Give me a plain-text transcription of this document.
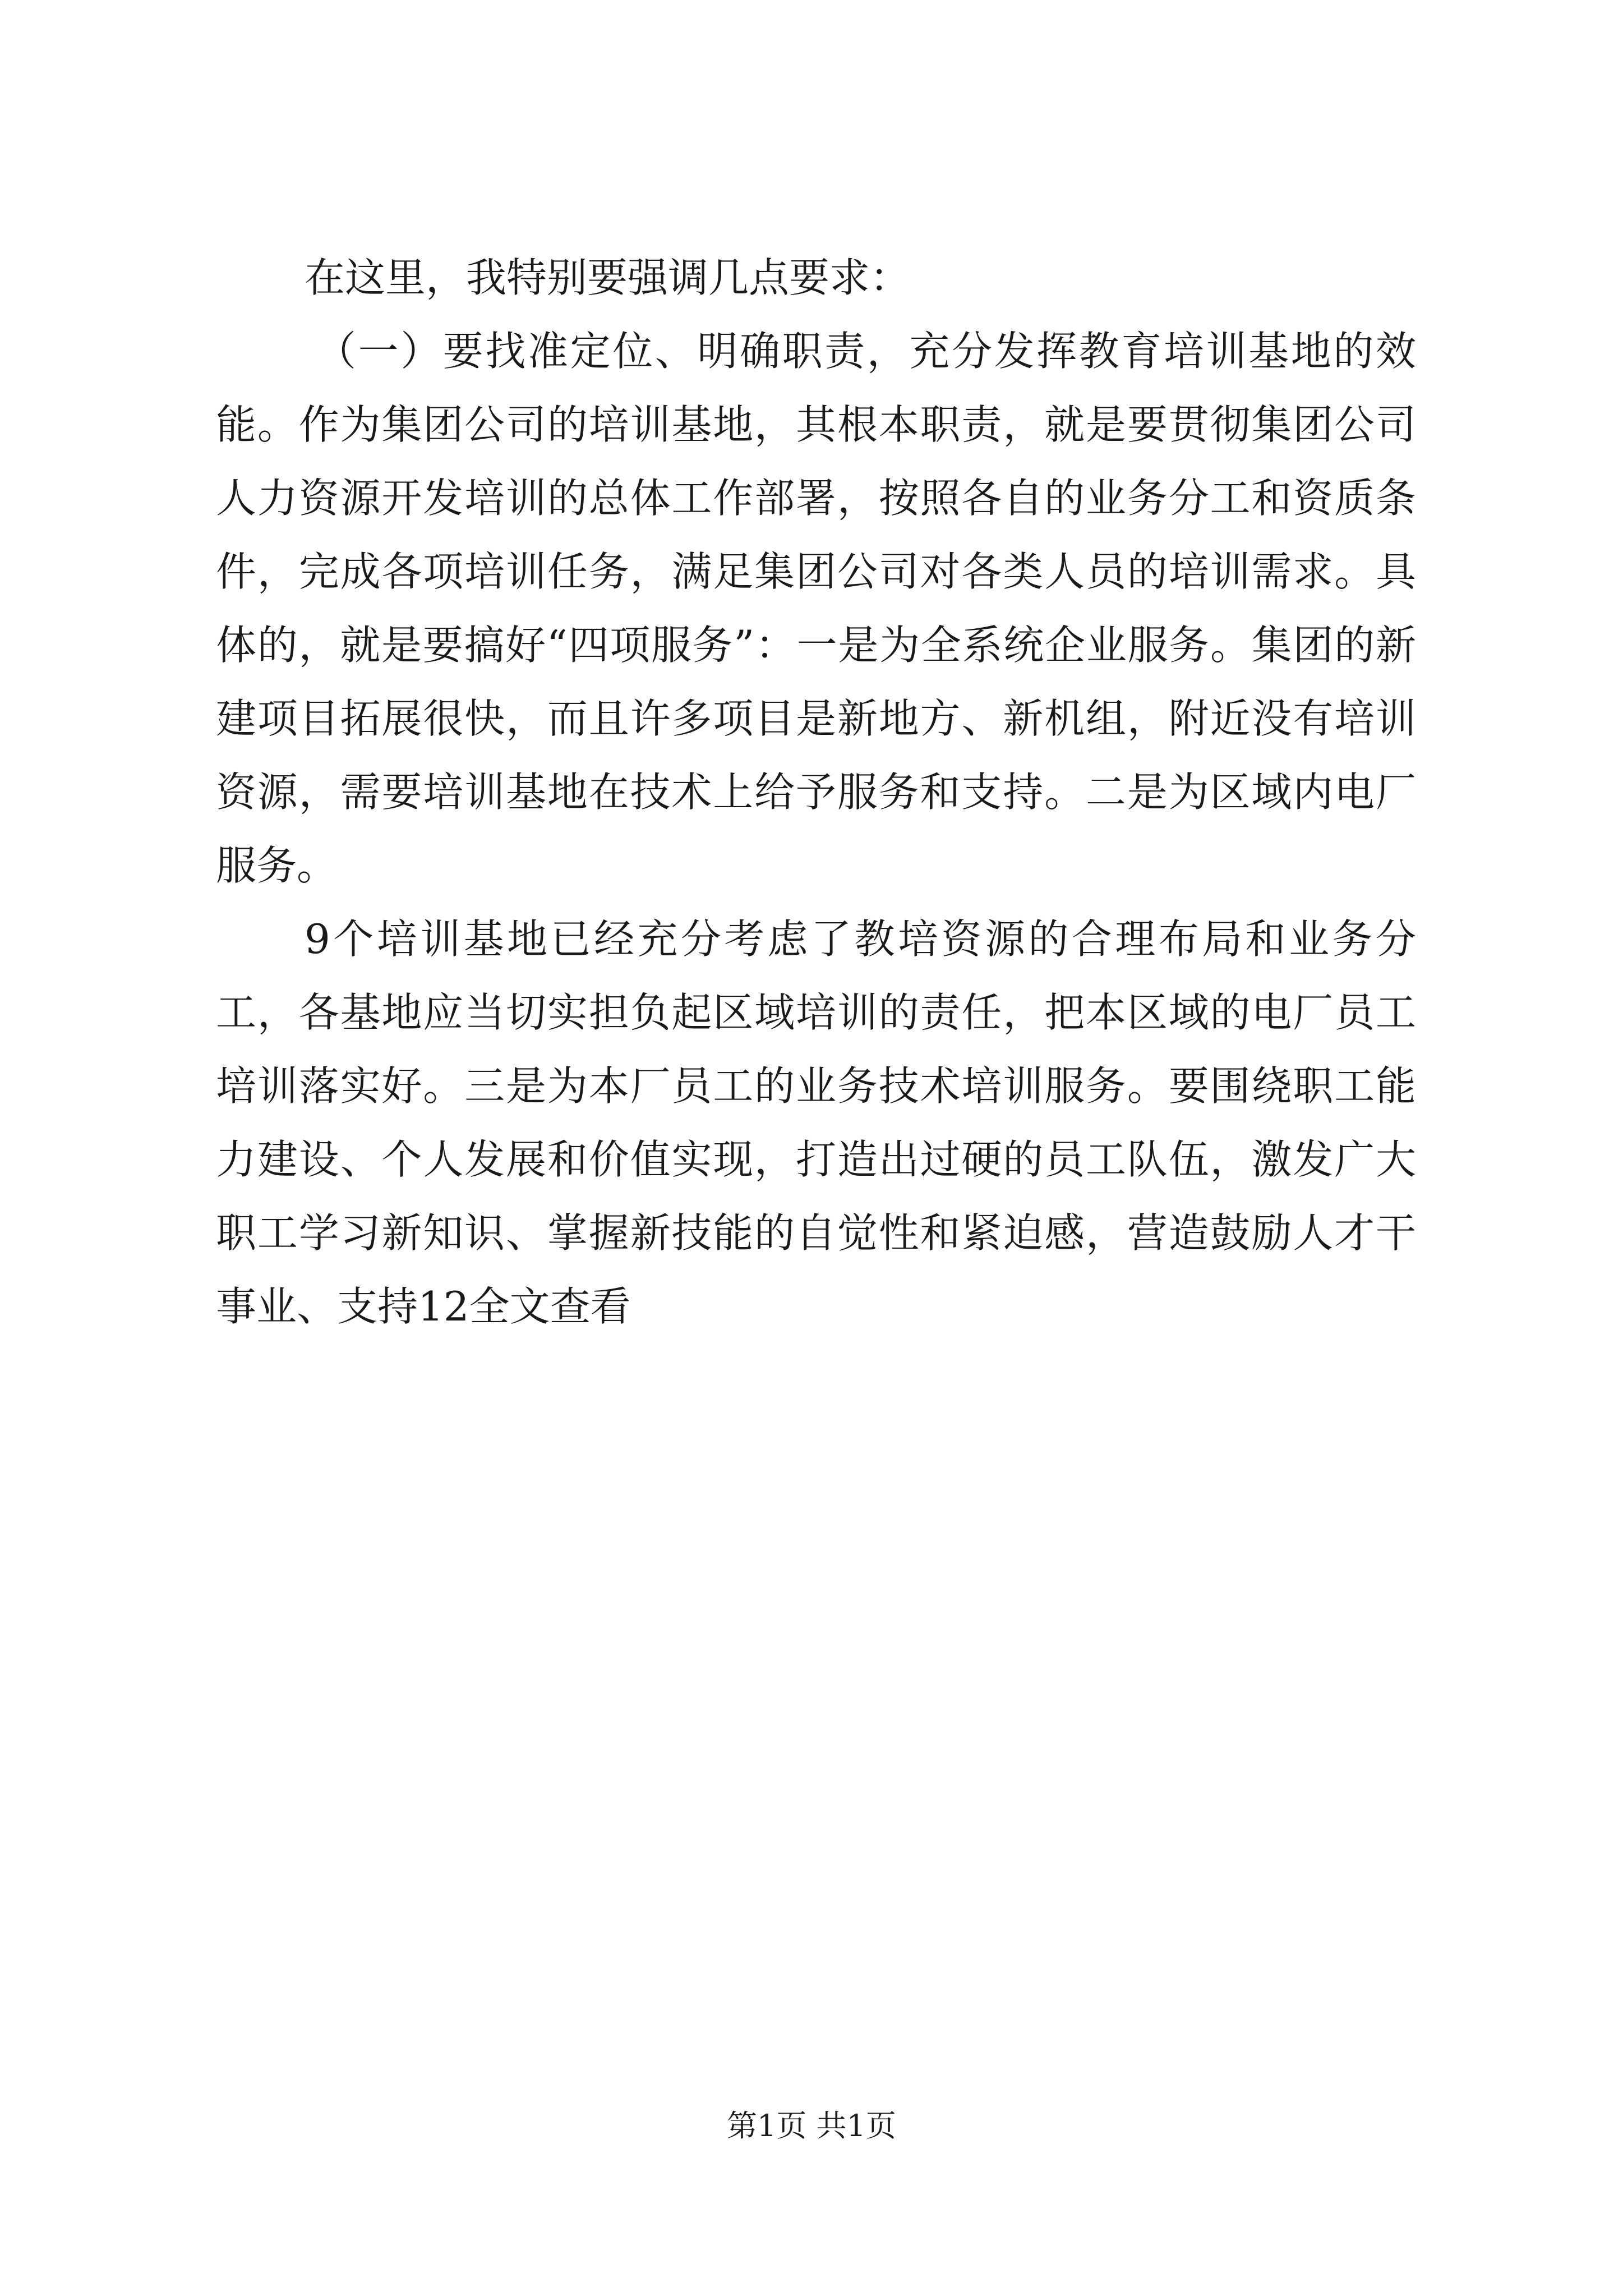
在这里，我特别要强调几点要求：

（一）要找准定位、明确职责，充分发挥教育培训基地的效能。作为集团公司的培训基地，其根本职责，就是要贯彻集团公司人力资源开发培训的总体工作部署，按照各自的业务分工和资质条件，完成各项培训任务，满足集团公司对各类人员的培训需求。具体的，就是要搞好“四项服务”：一是为全系统企业服务。集团的新建项目拓展很快，而且许多项目是新地方、新机组，附近没有培训资源，需要培训基地在技术上给予服务和支持。二是为区域内电厂服务。

9个培训基地已经充分考虑了教培资源的合理布局和业务分工，各基地应当切实担负起区域培训的责任，把本区域的电厂员工培训落实好。三是为本厂员工的业务技术培训服务。要围绕职工能力建设、个人发展和价值实现，打造出过硬的员工队伍，激发广大职工学习新知识、掌握新技能的自觉性和紧迫感，营造鼓励人才干事业、支持12全文查看

第1页 共1页
